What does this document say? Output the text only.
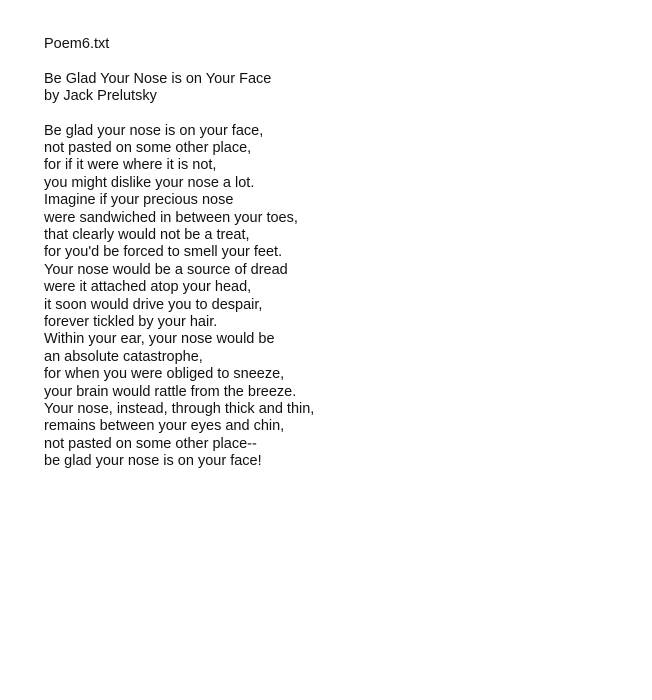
Poem6.txt
Be Glad Your Nose is on Your Face
by Jack Prelutsky
Be glad your nose is on your face,
not pasted on some other place,
for if it were where it is not,
you might dislike your nose a lot.
Imagine if your precious nose
were sandwiched in between your toes,
that clearly would not be a treat,
for you'd be forced to smell your feet.
Your nose would be a source of dread
were it attached atop your head,
it soon would drive you to despair,
forever tickled by your hair.
Within your ear, your nose would be
an absolute catastrophe,
for when you were obliged to sneeze,
your brain would rattle from the breeze.
Your nose, instead, through thick and thin,
remains between your eyes and chin,
not pasted on some other place--
be glad your nose is on your face!
